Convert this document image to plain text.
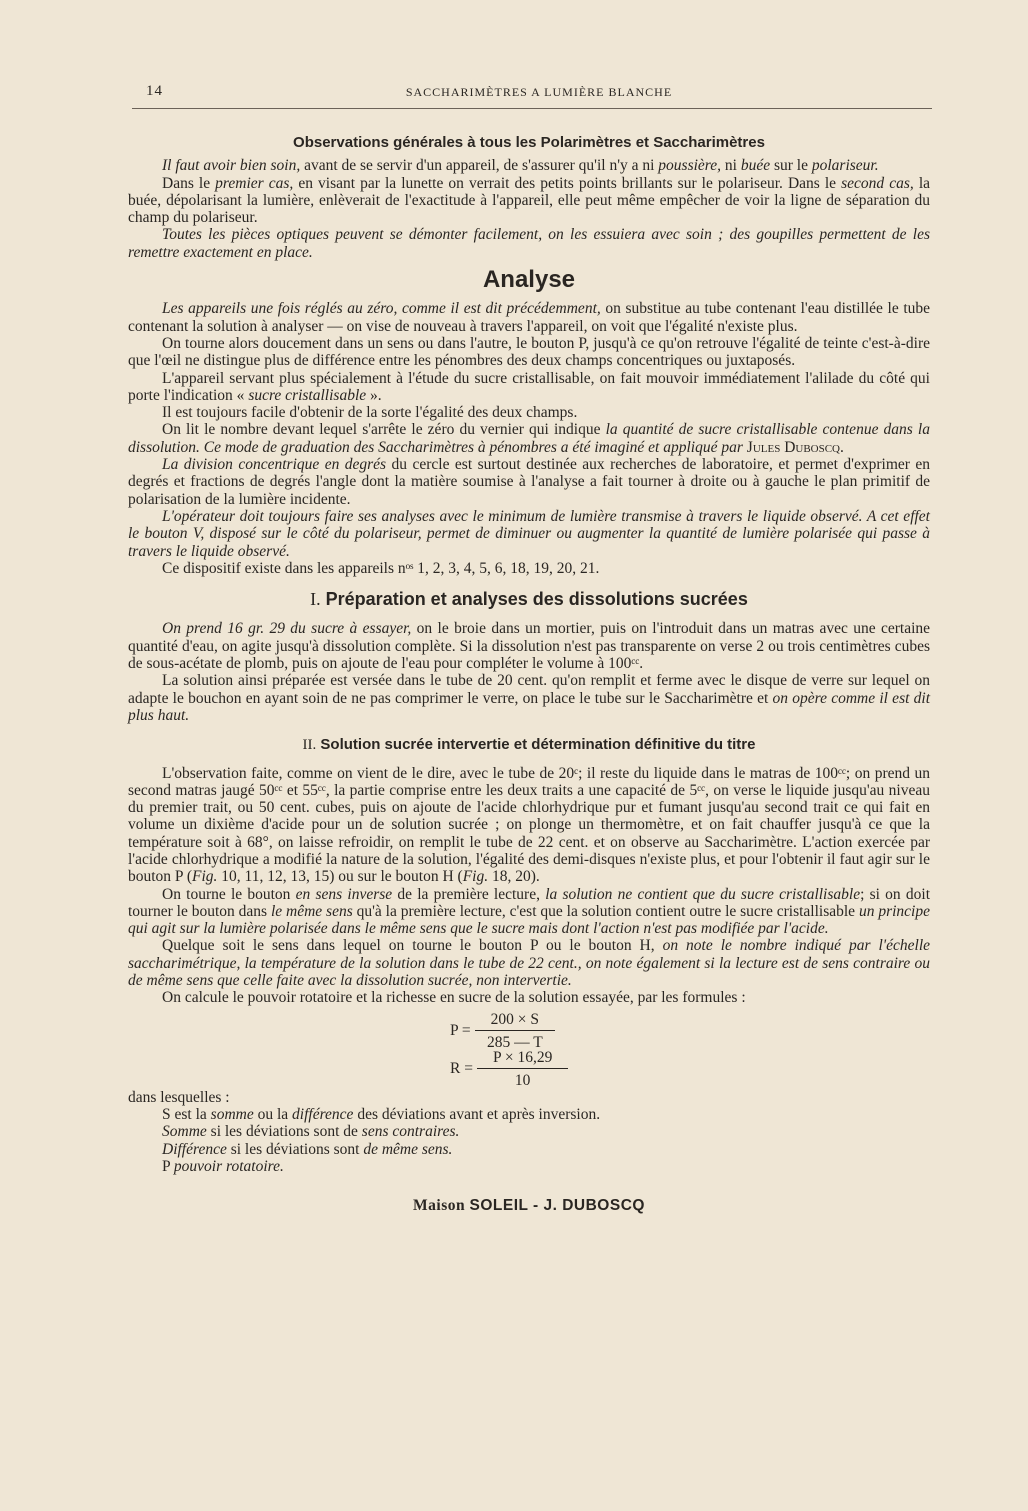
14	SACCHARIMÈTRES A LUMIÈRE BLANCHE
Observations générales à tous les Polarimètres et Saccharimètres

Il faut avoir bien soin, avant de se servir d'un appareil, de s'assurer qu'il n'y a ni poussière, ni buée sur le polariseur.

Dans le premier cas, en visant par la lunette on verrait des petits points brillants sur le polariseur. Dans le second cas, la buée, dépolarisant la lumière, enlèverait de l'exactitude à l'appareil, elle peut même empêcher de voir la ligne de séparation du champ du polariseur.

Toutes les pièces optiques peuvent se démonter facilement, on les essuiera avec soin ; des goupilles permettent de les remettre exactement en place.

Analyse

Les appareils une fois réglés au zéro, comme il est dit précédemment, on substitue au tube contenant l'eau distillée le tube contenant la solution à analyser — on vise de nouveau à travers l'appareil, on voit que l'égalité n'existe plus.

On tourne alors doucement dans un sens ou dans l'autre, le bouton P, jusqu'à ce qu'on retrouve l'égalité de teinte c'est-à-dire que l'œil ne distingue plus de différence entre les pénombres des deux champs concentriques ou juxtaposés.

L'appareil servant plus spécialement à l'étude du sucre cristallisable, on fait mouvoir immédiatement l'alilade du côté qui porte l'indication « sucre cristallisable ».

Il est toujours facile d'obtenir de la sorte l'égalité des deux champs.

On lit le nombre devant lequel s'arrête le zéro du vernier qui indique la quantité de sucre cristallisable contenue dans la dissolution. Ce mode de graduation des Saccharimètres à pénombres a été imaginé et appliqué par Jules Duboscq.

La division concentrique en degrés du cercle est surtout destinée aux recherches de laboratoire, et permet d'exprimer en degrés et fractions de degrés l'angle dont la matière soumise à l'analyse a fait tourner à droite ou à gauche le plan primitif de polarisation de la lumière incidente.

L'opérateur doit toujours faire ses analyses avec le minimum de lumière transmise à travers le liquide observé. A cet effet le bouton V, disposé sur le côté du polariseur, permet de diminuer ou augmenter la quantité de lumière polarisée qui passe à travers le liquide observé.

Ce dispositif existe dans les appareils nᵒˢ 1, 2, 3, 4, 5, 6, 18, 19, 20, 21.

I. Préparation et analyses des dissolutions sucrées

On prend 16 gr. 29 du sucre à essayer, on le broie dans un mortier, puis on l'introduit dans un matras avec une certaine quantité d'eau, on agite jusqu'à dissolution complète. Si la dissolution n'est pas transparente on verse 2 ou trois centimètres cubes de sous-acétate de plomb, puis on ajoute de l'eau pour compléter le volume à 100ᶜᶜ.

La solution ainsi préparée est versée dans le tube de 20 cent. qu'on remplit et ferme avec le disque de verre sur lequel on adapte le bouchon en ayant soin de ne pas comprimer le verre, on place le tube sur le Saccharimètre et on opère comme il est dit plus haut.

II. Solution sucrée intervertie et détermination définitive du titre

L'observation faite, comme on vient de le dire, avec le tube de 20ᶜ; il reste du liquide dans le matras de 100ᶜᶜ; on prend un second matras jaugé 50ᶜᶜ et 55ᶜᶜ, la partie comprise entre les deux traits a une capacité de 5ᶜᶜ, on verse le liquide jusqu'au niveau du premier trait, ou 50 cent. cubes, puis on ajoute de l'acide chlorhydrique pur et fumant jusqu'au second trait ce qui fait en volume un dixième d'acide pour un de solution sucrée ; on plonge un thermomètre, et on fait chauffer jusqu'à ce que la température soit à 68°, on laisse refroidir, on remplit le tube de 22 cent. et on observe au Saccharimètre. L'action exercée par l'acide chlorhydrique a modifié la nature de la solution, l'égalité des demi-disques n'existe plus, et pour l'obtenir il faut agir sur le bouton P (Fig. 10, 11, 12, 13, 15) ou sur le bouton H (Fig. 18, 20).

On tourne le bouton en sens inverse de la première lecture, la solution ne contient que du sucre cristallisable; si on doit tourner le bouton dans le même sens qu'à la première lecture, c'est que la solution contient outre le sucre cristallisable un principe qui agit sur la lumière polarisée dans le même sens que le sucre mais dont l'action n'est pas modifiée par l'acide.

Quelque soit le sens dans lequel on tourne le bouton P ou le bouton H, on note le nombre indiqué par l'échelle saccharimétrique, la température de la solution dans le tube de 22 cent., on note également si la lecture est de sens contraire ou de même sens que celle faite avec la dissolution sucrée, non intervertie.

On calcule le pouvoir rotatoire et la richesse en sucre de la solution essayée, par les formules :

$P = \frac{200 \times S}{285 — T}$
$R = \frac{P \times 16,29}{10}$

dans lesquelles :

S est la somme ou la différence des déviations avant et après inversion.

Somme si les déviations sont de sens contraires.

Différence si les déviations sont de même sens.

P pouvoir rotatoire.

Maison SOLEIL - J. DUBOSCQ
